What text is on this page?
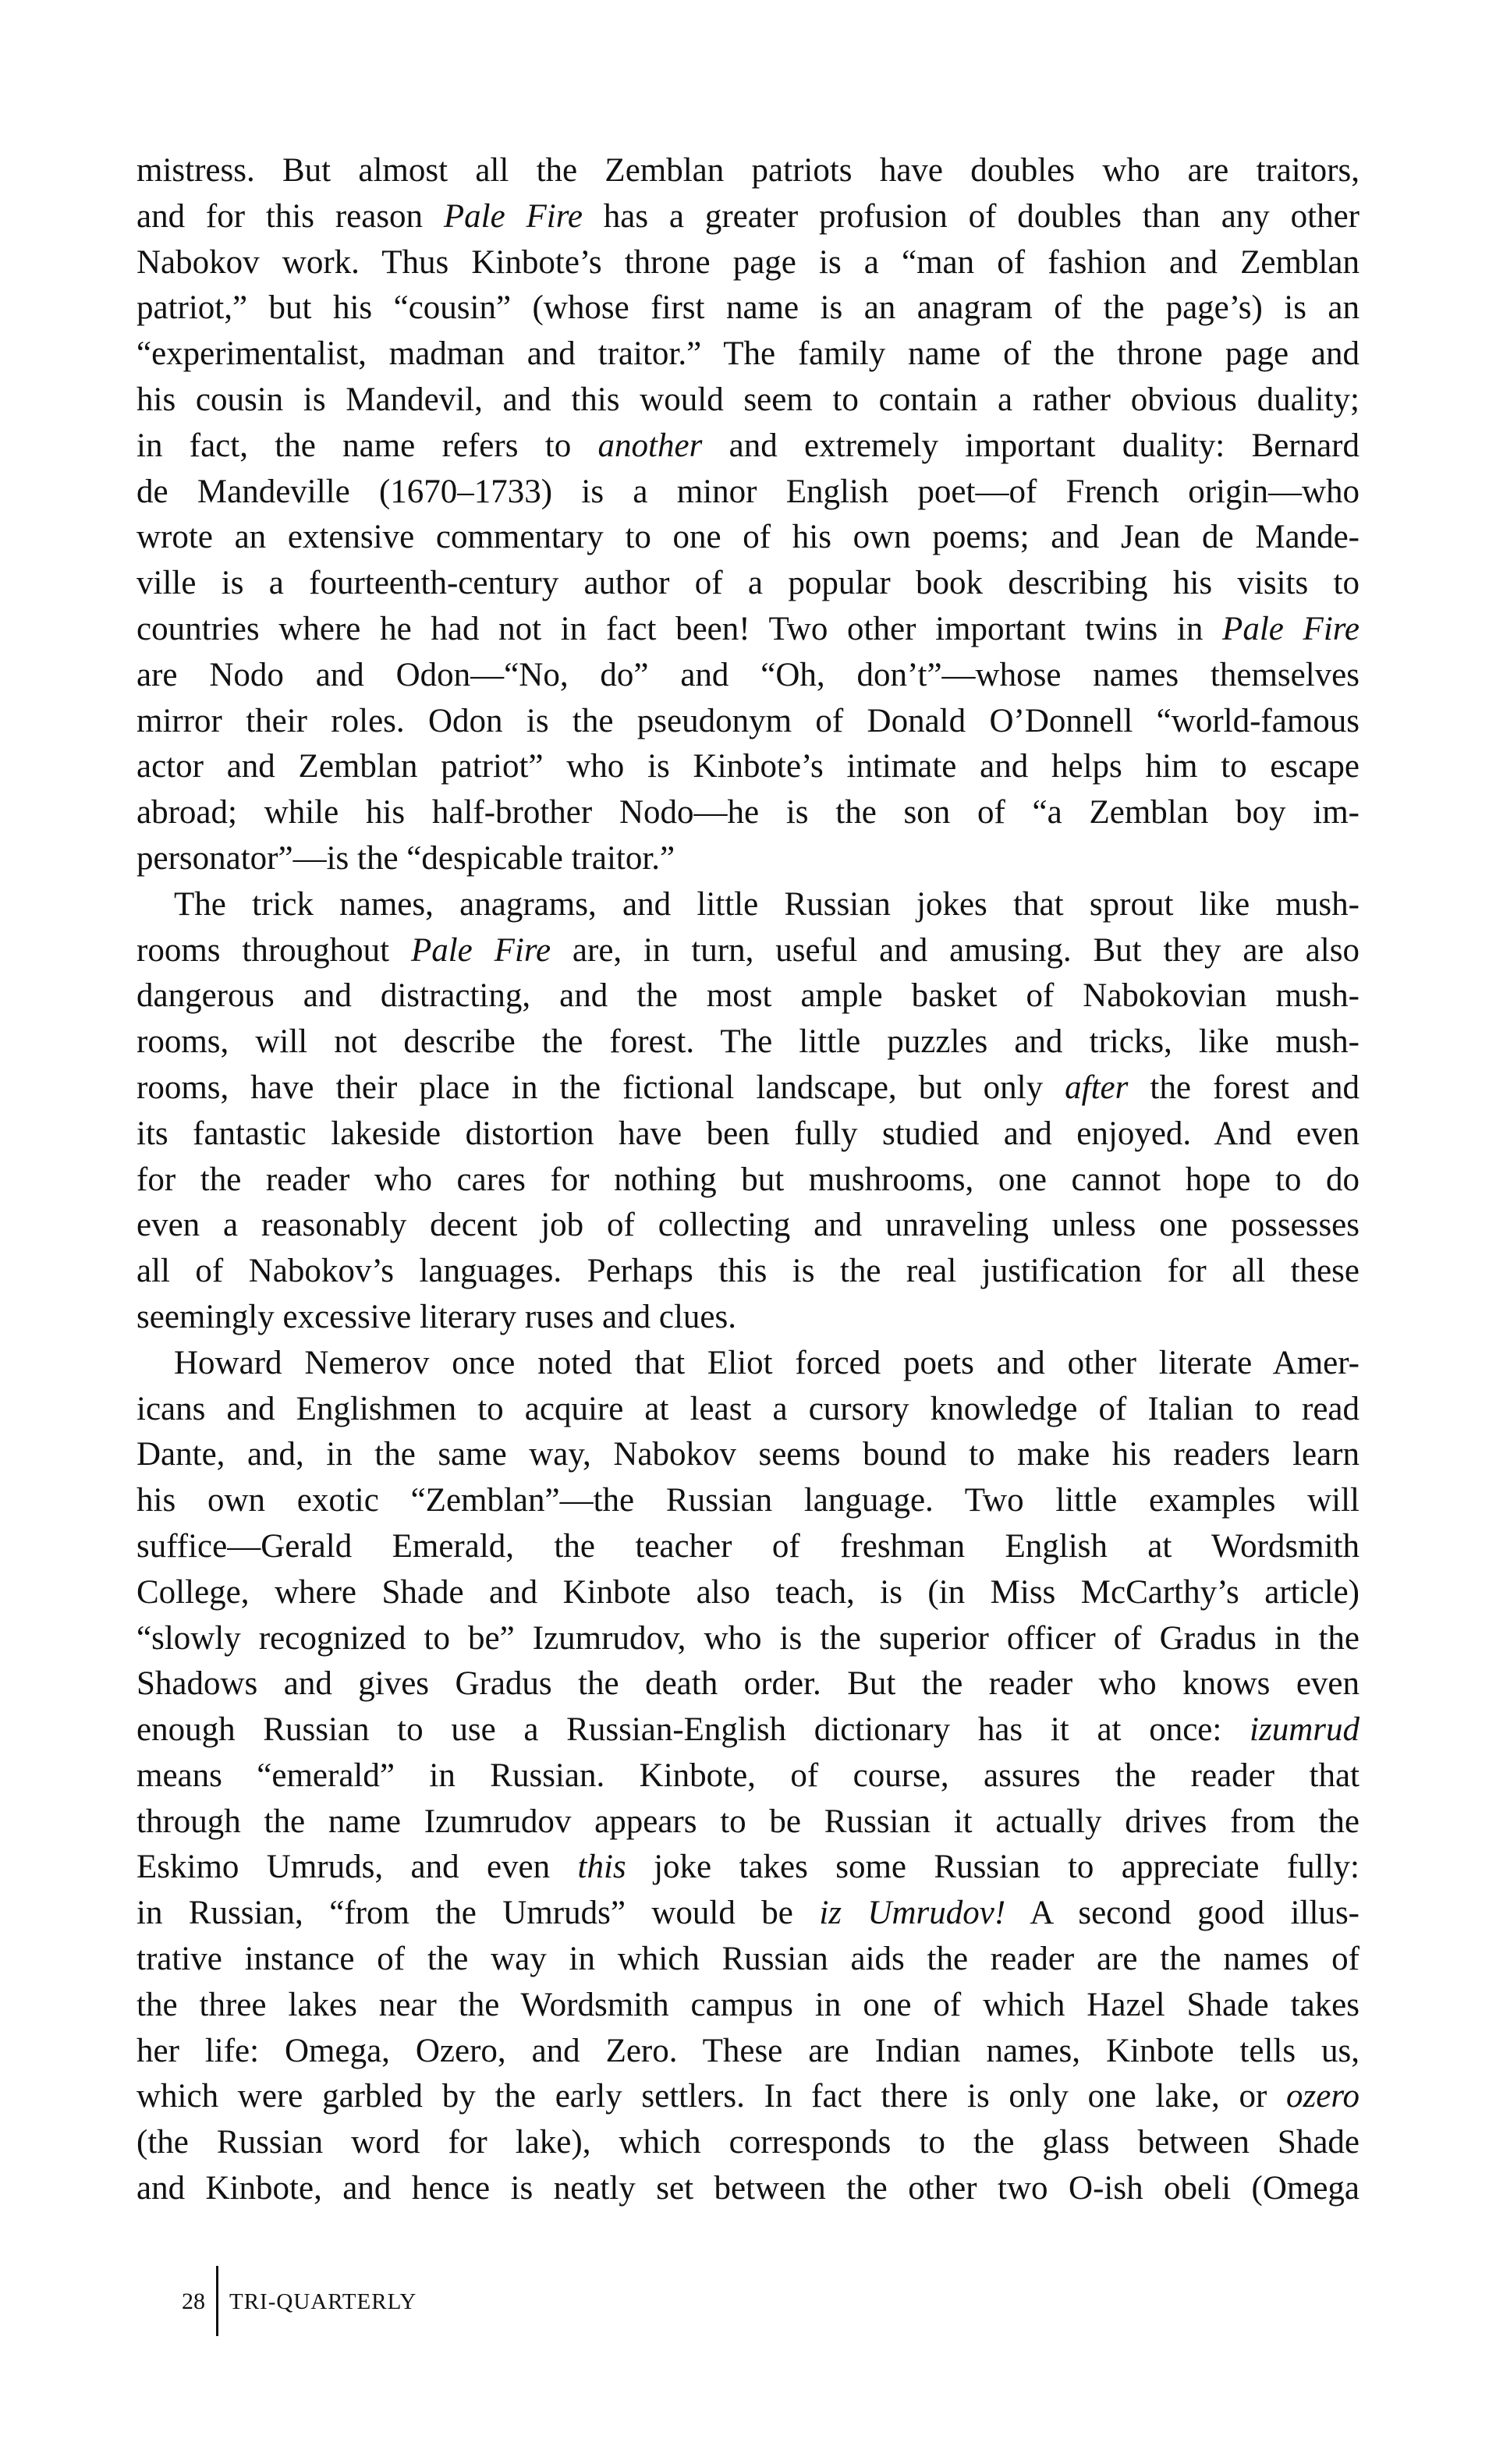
mistress. But almost all the Zemblan patriots have doubles who are traitors,
and for this reason Pale Fire has a greater profusion of doubles than any other
Nabokov work. Thus Kinbote’s throne page is a “man of fashion and Zemblan
patriot,” but his “cousin” (whose first name is an anagram of the page’s) is an
“experimentalist, madman and traitor.” The family name of the throne page and
his cousin is Mandevil, and this would seem to contain a rather obvious duality;
in fact, the name refers to another and extremely important duality: Bernard
de Mandeville (1670–1733) is a minor English poet—of French origin—who
wrote an extensive commentary to one of his own poems; and Jean de Mande-
ville is a fourteenth-century author of a popular book describing his visits to
countries where he had not in fact been! Two other important twins in Pale Fire
are Nodo and Odon—“No, do” and “Oh, don’t”—whose names themselves
mirror their roles. Odon is the pseudonym of Donald O’Donnell “world-famous
actor and Zemblan patriot” who is Kinbote’s intimate and helps him to escape
abroad; while his half-brother Nodo—he is the son of “a Zemblan boy im-
personator”—is the “despicable traitor.”
The trick names, anagrams, and little Russian jokes that sprout like mush-
rooms throughout Pale Fire are, in turn, useful and amusing. But they are also
dangerous and distracting, and the most ample basket of Nabokovian mush-
rooms, will not describe the forest. The little puzzles and tricks, like mush-
rooms, have their place in the fictional landscape, but only after the forest and
its fantastic lakeside distortion have been fully studied and enjoyed. And even
for the reader who cares for nothing but mushrooms, one cannot hope to do
even a reasonably decent job of collecting and unraveling unless one possesses
all of Nabokov’s languages. Perhaps this is the real justification for all these
seemingly excessive literary ruses and clues.
Howard Nemerov once noted that Eliot forced poets and other literate Amer-
icans and Englishmen to acquire at least a cursory knowledge of Italian to read
Dante, and, in the same way, Nabokov seems bound to make his readers learn
his own exotic “Zemblan”—the Russian language. Two little examples will
suffice—Gerald Emerald, the teacher of freshman English at Wordsmith
College, where Shade and Kinbote also teach, is (in Miss McCarthy’s article)
“slowly recognized to be” Izumrudov, who is the superior officer of Gradus in the
Shadows and gives Gradus the death order. But the reader who knows even
enough Russian to use a Russian-English dictionary has it at once: izumrud
means “emerald” in Russian. Kinbote, of course, assures the reader that
through the name Izumrudov appears to be Russian it actually drives from the
Eskimo Umruds, and even this joke takes some Russian to appreciate fully:
in Russian, “from the Umruds” would be iz Umrudov! A second good illus-
trative instance of the way in which Russian aids the reader are the names of
the three lakes near the Wordsmith campus in one of which Hazel Shade takes
her life: Omega, Ozero, and Zero. These are Indian names, Kinbote tells us,
which were garbled by the early settlers. In fact there is only one lake, or ozero
(the Russian word for lake), which corresponds to the glass between Shade
and Kinbote, and hence is neatly set between the other two O-ish obeli (Omega
28 TRI-QUARTERLY
